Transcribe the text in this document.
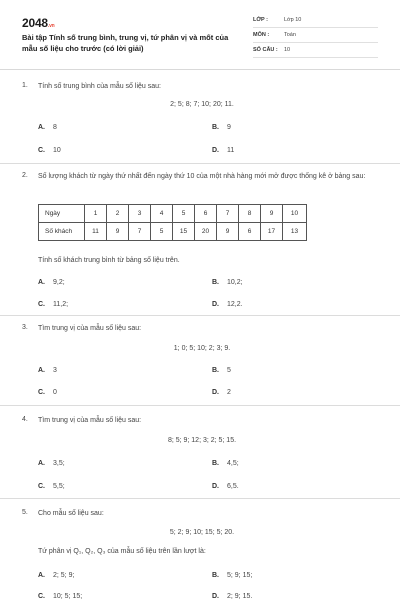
2048.vn
Bài tập Tính số trung bình, trung vị, tứ phân vị và mốt của mẫu số liệu cho trước (có lời giải)
LỚP :	Lớp 10
MÔN :	Toán
SỐ CÂU : 10
1. Tính số trung bình của mẫu số liệu sau:
2; 5; 8; 7; 10; 20; 11.
A. 8	B. 9
C. 10	D. 11
2. Số lượng khách từ ngày thứ nhất đến ngày thứ 10 của một nhà hàng mới mở được thống kê ở bảng sau:
Ngày	1	2	3	4	5	6	7	8	9	10
Số khách	11	9	7	5	15	20	9	6	17	13
Tính số khách trung bình từ bảng số liệu trên.
A. 9,2;	B. 10,2;
C. 11,2;	D. 12,2.
3. Tìm trung vị của mẫu số liệu sau:
1; 0; 5; 10; 2; 3; 9.
A. 3	B. 5
C. 0	D. 2
4. Tìm trung vị của mẫu số liệu sau:
8; 5; 9; 12; 3; 2; 5; 15.
A. 3,5;	B. 4,5;
C. 5,5;	D. 6,5.
5. Cho mẫu số liệu sau:
5; 2; 9; 10; 15; 5; 20.
Tứ phân vị Q₁, Q₂, Q₃ của mẫu số liệu trên lần lượt là:
A. 2; 5; 9;	B. 5; 9; 15;
C. 10; 5; 15;	D. 2; 9; 15.
